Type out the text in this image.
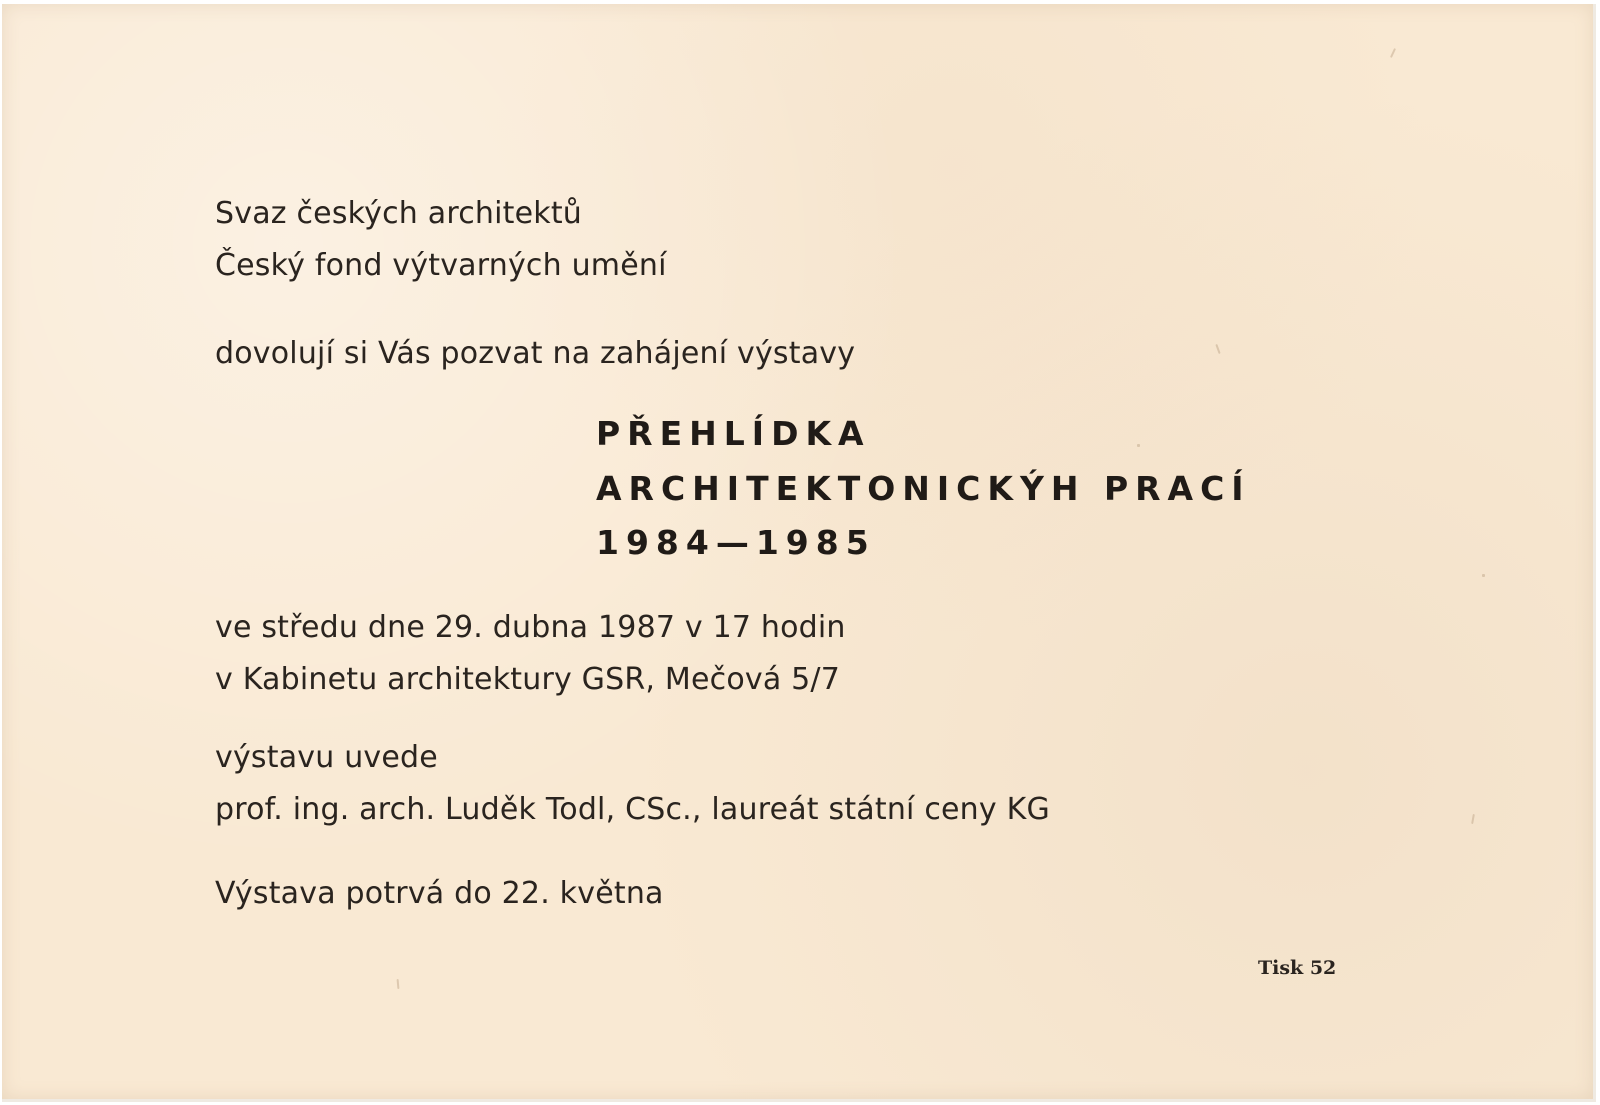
Svaz českých architektů

Český fond výtvarných umění

dovolují si Vás pozvat na zahájení výstavy

PŘEHLÍDKA

ARCHITEKTONICKÝH PRACÍ

1984—1985

ve středu dne 29. dubna 1987 v 17 hodin

v Kabinetu architektury GSR, Mečová 5/7

výstavu uvede

prof. ing. arch. Luděk Todl, CSc., laureát státní ceny KG

Výstava potrvá do 22. května

Tisk 52
